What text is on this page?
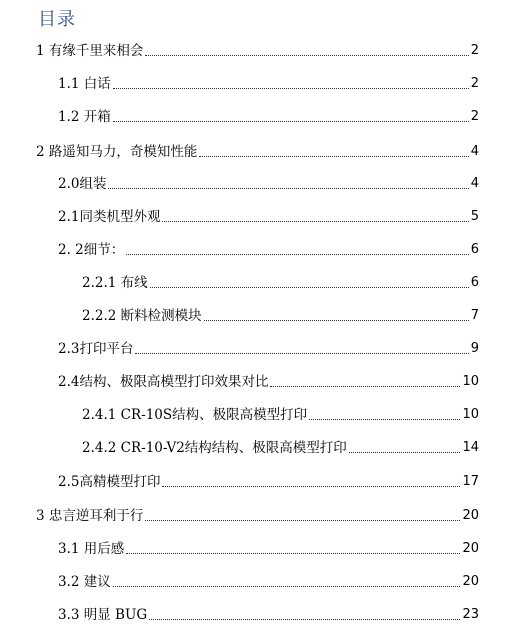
目录
1 有缘千里来相会	2
1.1 白话	2
1.2 开箱	2
2 路遥知马力，奇模知性能	4
2.0组装	4
2.1同类机型外观	5
2. 2细节：	6
2.2.1 布线	6
2.2.2 断料检测模块	7
2.3打印平台	9
2.4结构、极限高模型打印效果对比	10
2.4.1 CR-10S结构、极限高模型打印	10
2.4.2 CR-10-V2结构结构、极限高模型打印	14
2.5高精模型打印	17
3 忠言逆耳利于行	20
3.1 用后感	20
3.2 建议	20
3.3 明显 BUG	23
